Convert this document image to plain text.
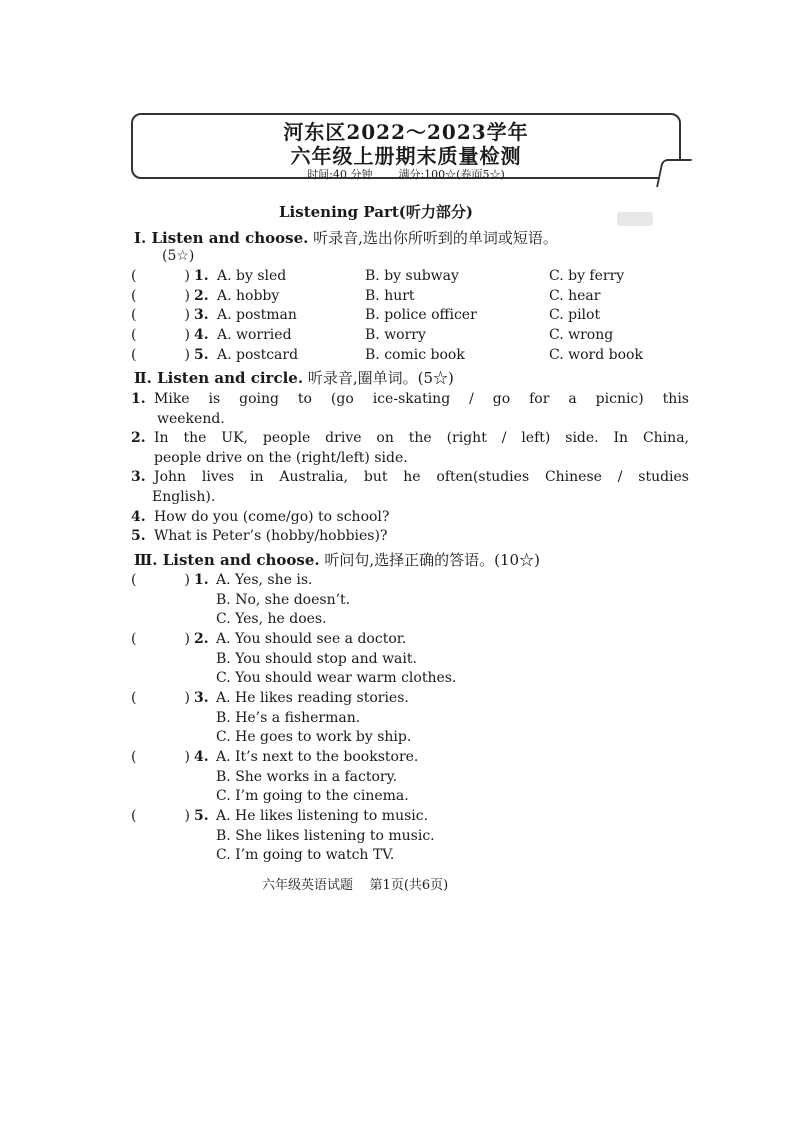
河东区2022～2023学年
六年级上册期末质量检测
时间:40 分钟 满分:100☆(卷面5☆)
Listening Part(听力部分)
Ⅰ. Listen and choose. 听录音,选出你所听到的单词或短语。
(5☆)
(	) 1. A. by sled	B. by subway	C. by ferry
(	) 2. A. hobby	B. hurt	C. hear
(	) 3. A. postman	B. police officer	C. pilot
(	) 4. A. worried	B. worry	C. wrong
(	) 5. A. postcard	B. comic book	C. word book
Ⅱ. Listen and circle. 听录音,圈单词。(5☆)
1. Mike is going to (go ice-skating / go for a picnic) this
weekend.
2. In the UK, people drive on the (right / left) side. In China,
people drive on the (right/left) side.
3. John lives in Australia, but he often(studies Chinese / studies
English).
4. How do you (come/go) to school?
5. What is Peter’s (hobby/hobbies)?
Ⅲ. Listen and choose. 听问句,选择正确的答语。(10☆)
(	) 1. A. Yes, she is.
B. No, she doesn’t.
C. Yes, he does.
(	) 2. A. You should see a doctor.
B. You should stop and wait.
C. You should wear warm clothes.
(	) 3. A. He likes reading stories.
B. He’s a fisherman.
C. He goes to work by ship.
(	) 4. A. It’s next to the bookstore.
B. She works in a factory.
C. I’m going to the cinema.
(	) 5. A. He likes listening to music.
B. She likes listening to music.
C. I’m going to watch TV.
六年级英语试题 第1页(共6页)
